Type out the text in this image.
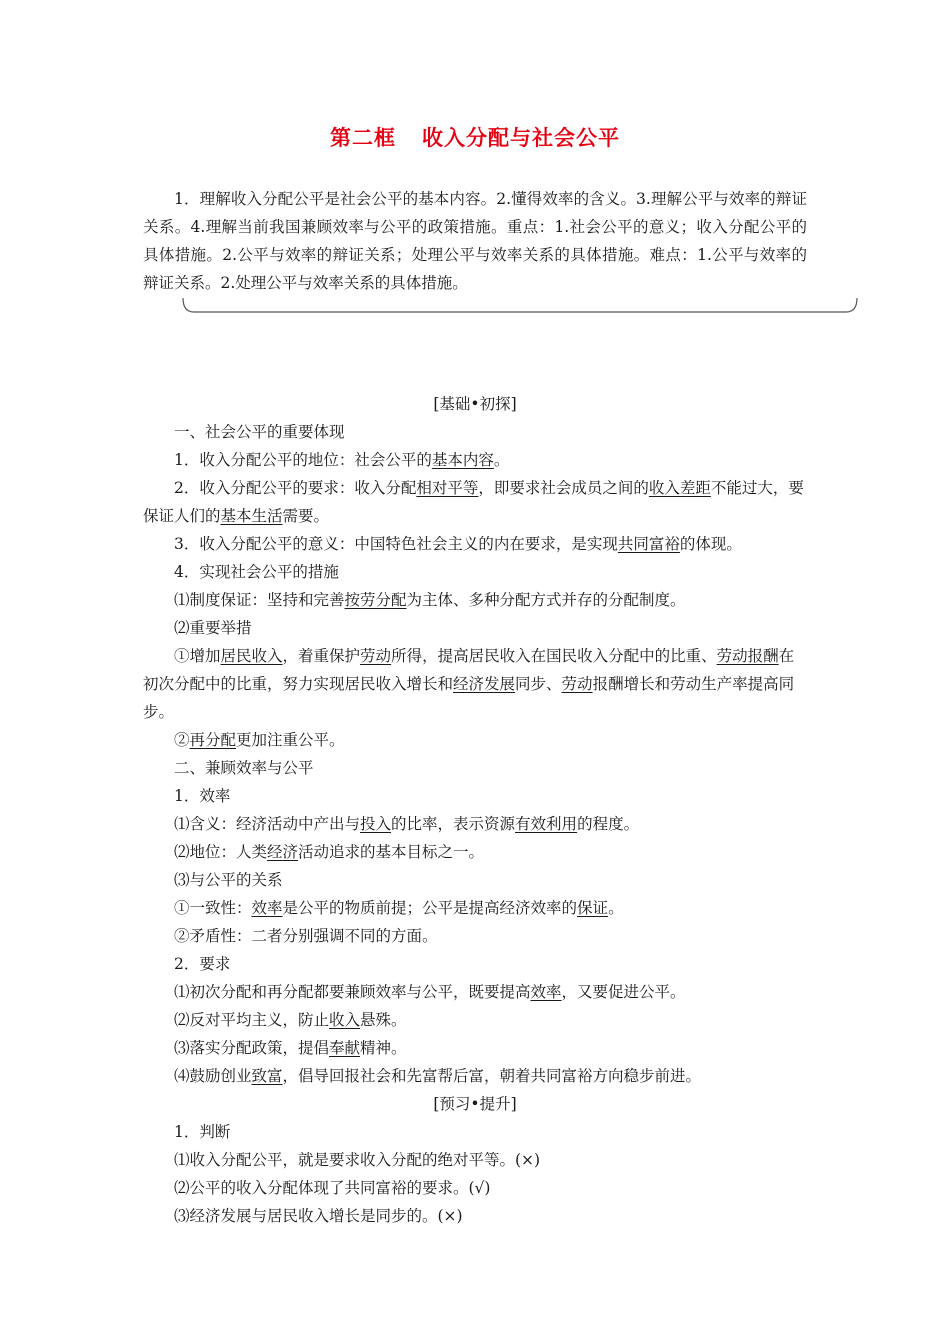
第二框 收入分配与社会公平
1．理解收入分配公平是社会公平的基本内容。2.懂得效率的含义。3.理解公平与效率的辩证关系。4.理解当前我国兼顾效率与公平的政策措施。重点：1.社会公平的意义；收入分配公平的具体措施。2.公平与效率的辩证关系；处理公平与效率关系的具体措施。难点：1.公平与效率的辩证关系。2.处理公平与效率关系的具体措施。

[基础•初探]

一、社会公平的重要体现

1．收入分配公平的地位：社会公平的基本内容。

2．收入分配公平的要求：收入分配相对平等，即要求社会成员之间的收入差距不能过大，要保证人们的基本生活需要。

3．收入分配公平的意义：中国特色社会主义的内在要求，是实现共同富裕的体现。

4．实现社会公平的措施

⑴制度保证：坚持和完善按劳分配为主体、多种分配方式并存的分配制度。

⑵重要举措

①增加居民收入，着重保护劳动所得，提高居民收入在国民收入分配中的比重、劳动报酬在初次分配中的比重，努力实现居民收入增长和经济发展同步、劳动报酬增长和劳动生产率提高同步。

②再分配更加注重公平。

二、兼顾效率与公平

1．效率

⑴含义：经济活动中产出与投入的比率，表示资源有效利用的程度。

⑵地位：人类经济活动追求的基本目标之一。

⑶与公平的关系

①一致性：效率是公平的物质前提；公平是提高经济效率的保证。

②矛盾性：二者分别强调不同的方面。

2．要求

⑴初次分配和再分配都要兼顾效率与公平，既要提高效率，又要促进公平。

⑵反对平均主义，防止收入悬殊。

⑶落实分配政策，提倡奉献精神。

⑷鼓励创业致富，倡导回报社会和先富帮后富，朝着共同富裕方向稳步前进。

[预习•提升]

1．判断

⑴收入分配公平，就是要求收入分配的绝对平等。(×)

⑵公平的收入分配体现了共同富裕的要求。(√)

⑶经济发展与居民收入增长是同步的。(×)
